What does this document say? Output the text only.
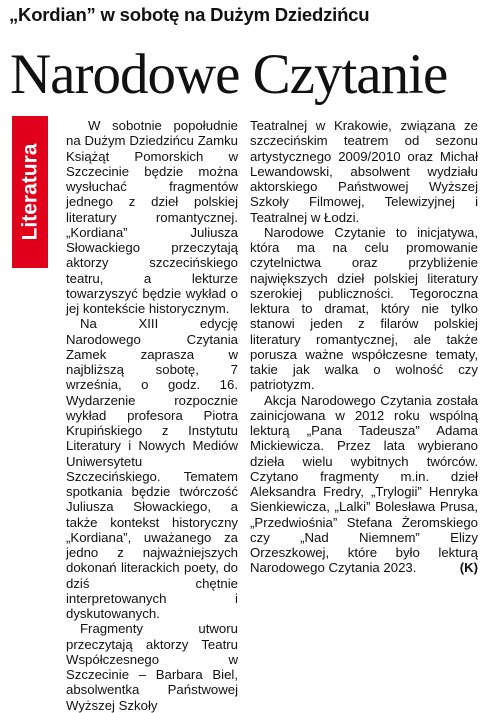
„Kordian” w sobotę na Dużym Dziedzińcu
Narodowe Czytanie
Literatura

W sobotnie popołudnie na Dużym Dziedzińcu Zamku Książąt Pomorskich w Szczecinie będzie można wysłuchać fragmentów jednego z dzieł polskiej literatury romantycznej. „Kordiana” Juliusza Słowackiego przeczytają aktorzy szczecińskiego teatru, a lekturze towarzyszyć będzie wykład o jej kontekście historycznym.

Na XIII edycję Narodowego Czytania Zamek zaprasza w najbliższą sobotę, 7 września, o godz. 16. Wydarzenie rozpocznie wykład profesora Piotra Krupińskiego z Instytutu Literatury i Nowych Mediów Uniwersytetu Szczecińskiego. Tematem spotkania będzie twórczość Juliusza Słowackiego, a także kontekst historyczny „Kordiana”, uważanego za jedno z najważniejszych dokonań literackich poety, do dziś chętnie interpretowanych i dyskutowanych.

Fragmenty utworu przeczytają aktorzy Teatru Współczesnego w Szczecinie – Barbara Biel, absolwentka Państwowej Wyższej Szkoły

Teatralnej w Krakowie, związana ze szczecińskim teatrem od sezonu artystycznego 2009/2010 oraz Michał Lewandowski, absolwent wydziału aktorskiego Państwowej Wyższej Szkoły Filmowej, Telewizyjnej i Teatralnej w Łodzi.

Narodowe Czytanie to inicjatywa, która ma na celu promowanie czytelnictwa oraz przybliżenie największych dzieł polskiej literatury szerokiej publiczności. Tegoroczna lektura to dramat, który nie tylko stanowi jeden z filarów polskiej literatury romantycznej, ale także porusza ważne współczesne tematy, takie jak walka o wolność czy patriotyzm.

Akcja Narodowego Czytania została zainicjowana w 2012 roku wspólną lekturą „Pana Tadeusza” Adama Mickiewicza. Przez lata wybierano dzieła wielu wybitnych twórców. Czytano fragmenty m.in. dzieł Aleksandra Fredry, „Trylogii” Henryka Sienkiewicza, „Lalki” Bolesława Prusa, „Przedwiośnia” Stefana Żeromskiego czy „Nad Niemnem” Elizy Orzeszkowej, które było lekturą Narodowego Czytania 2023.	(K)
